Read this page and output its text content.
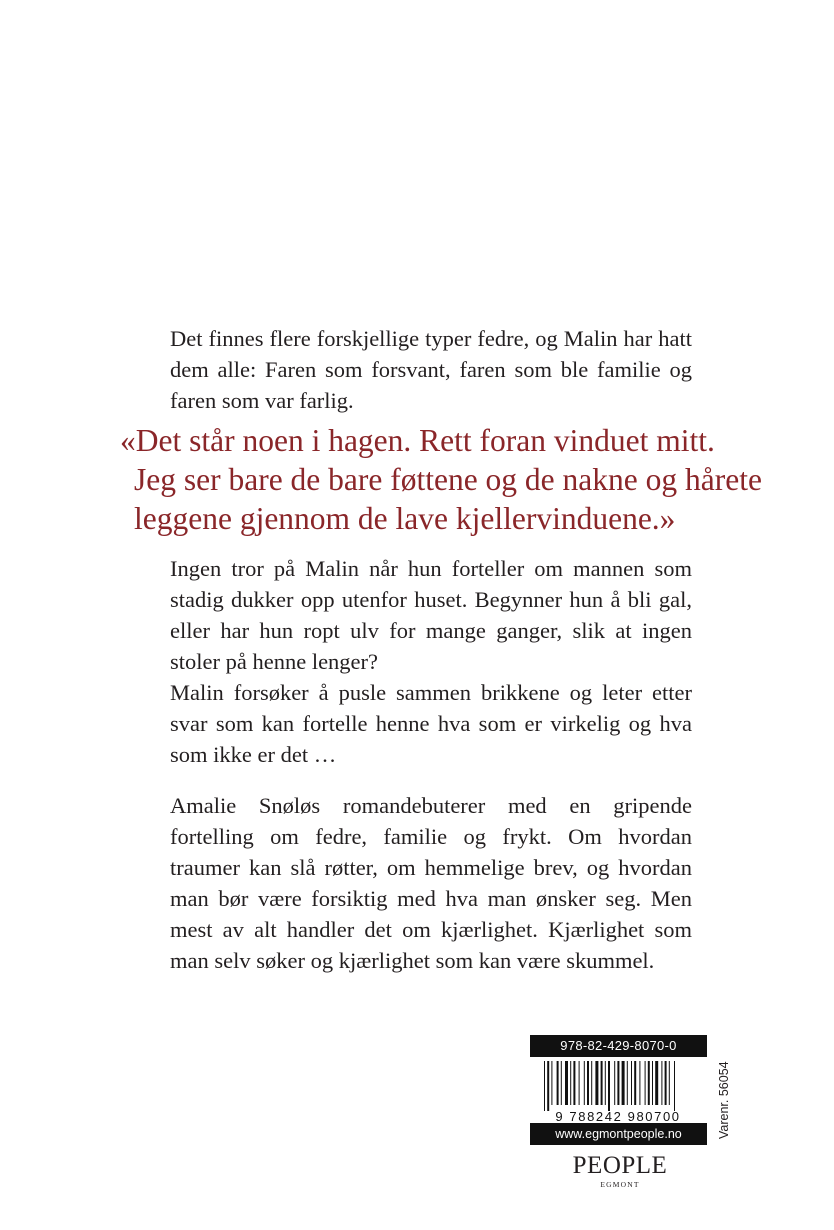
Det finnes flere forskjellige typer fedre, og Malin har hatt dem alle: Faren som forsvant, faren som ble familie og faren som var farlig.

«Det står noen i hagen. Rett foran vinduet mitt.
Jeg ser bare de bare føttene og de nakne og hårete
leggene gjennom de lave kjellervinduene.»

Ingen tror på Malin når hun forteller om mannen som stadig dukker opp utenfor huset. Begynner hun å bli gal, eller har hun ropt ulv for mange ganger, slik at ingen stoler på henne lenger?

Malin forsøker å pusle sammen brikkene og leter etter svar som kan fortelle henne hva som er virkelig og hva som ikke er det …

Amalie Snøløs romandebuterer med en gripende fortelling om fedre, familie og frykt. Om hvordan traumer kan slå røtter, om hemmelige brev, og hvordan man bør være forsiktig med hva man ønsker seg. Men mest av alt handler det om kjærlighet. Kjærlighet som man selv søker og kjærlighet som kan være skummel.

978-82-429-8070-0
9 788242 980700
www.egmontpeople.no	Varenr. 56054
PEOPLE
EGMONT
